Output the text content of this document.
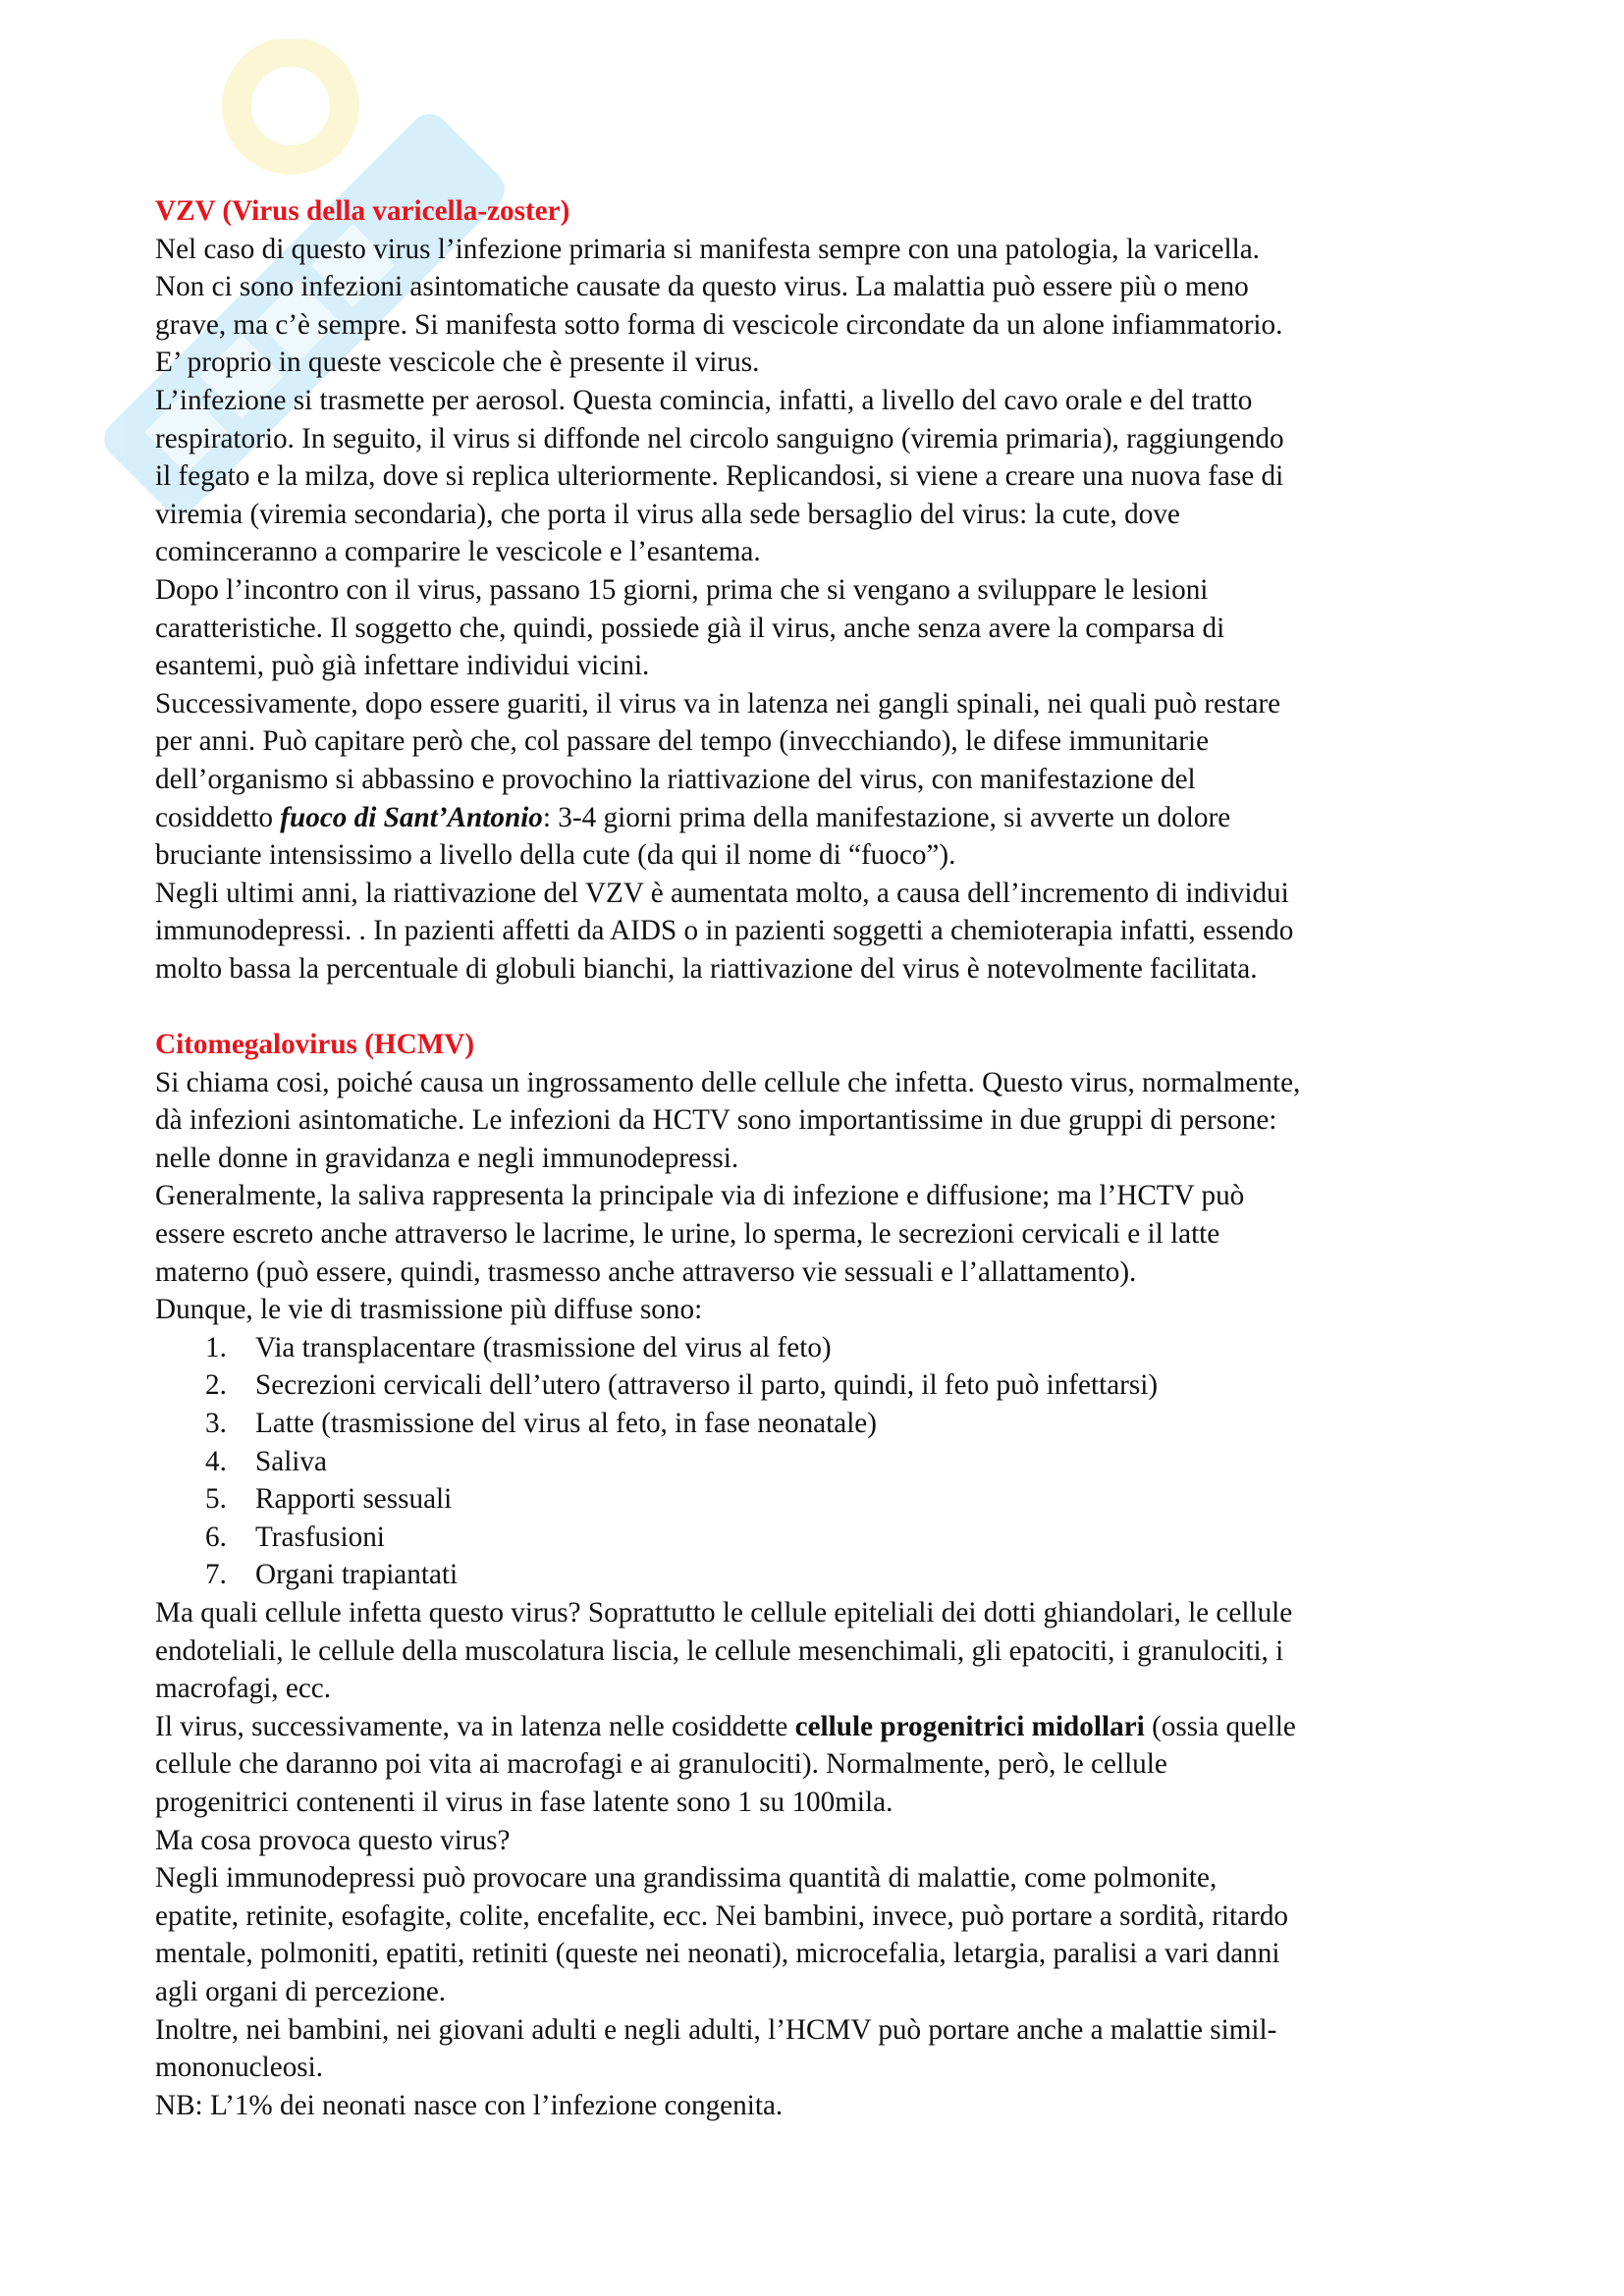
VZV (Virus della varicella-zoster)

Nel caso di questo virus l’infezione primaria si manifesta sempre con una patologia, la varicella.
Non ci sono infezioni asintomatiche causate da questo virus. La malattia può essere più o meno
grave, ma c’è sempre. Si manifesta sotto forma di vescicole circondate da un alone infiammatorio.
E’ proprio in queste vescicole che è presente il virus.

L’infezione si trasmette per aerosol. Questa comincia, infatti, a livello del cavo orale e del tratto
respiratorio. In seguito, il virus si diffonde nel circolo sanguigno (viremia primaria), raggiungendo
il fegato e la milza, dove si replica ulteriormente. Replicandosi, si viene a creare una nuova fase di
viremia (viremia secondaria), che porta il virus alla sede bersaglio del virus: la cute, dove
cominceranno a comparire le vescicole e l’esantema.

Dopo l’incontro con il virus, passano 15 giorni, prima che si vengano a sviluppare le lesioni
caratteristiche. Il soggetto che, quindi, possiede già il virus, anche senza avere la comparsa di
esantemi, può già infettare individui vicini.

Successivamente, dopo essere guariti, il virus va in latenza nei gangli spinali, nei quali può restare
per anni. Può capitare però che, col passare del tempo (invecchiando), le difese immunitarie
dell’organismo si abbassino e provochino la riattivazione del virus, con manifestazione del
cosiddetto fuoco di Sant’Antonio: 3-4 giorni prima della manifestazione, si avverte un dolore
bruciante intensissimo a livello della cute (da qui il nome di “fuoco”).

Negli ultimi anni, la riattivazione del VZV è aumentata molto, a causa dell’incremento di individui
immunodepressi. . In pazienti affetti da AIDS o in pazienti soggetti a chemioterapia infatti, essendo
molto bassa la percentuale di globuli bianchi, la riattivazione del virus è notevolmente facilitata.

Citomegalovirus (HCMV)

Si chiama cosi, poiché causa un ingrossamento delle cellule che infetta. Questo virus, normalmente,
dà infezioni asintomatiche. Le infezioni da HCTV sono importantissime in due gruppi di persone:
nelle donne in gravidanza e negli immunodepressi.

Generalmente, la saliva rappresenta la principale via di infezione e diffusione; ma l’HCTV può
essere escreto anche attraverso le lacrime, le urine, lo sperma, le secrezioni cervicali e il latte
materno (può essere, quindi, trasmesso anche attraverso vie sessuali e l’allattamento).

Dunque, le vie di trasmissione più diffuse sono:

1. Via transplacentare (trasmissione del virus al feto)
2. Secrezioni cervicali dell’utero (attraverso il parto, quindi, il feto può infettarsi)
3. Latte (trasmissione del virus al feto, in fase neonatale)
4. Saliva
5. Rapporti sessuali
6. Trasfusioni
7. Organi trapiantati

Ma quali cellule infetta questo virus? Soprattutto le cellule epiteliali dei dotti ghiandolari, le cellule
endoteliali, le cellule della muscolatura liscia, le cellule mesenchimali, gli epatociti, i granulociti, i
macrofagi, ecc.

Il virus, successivamente, va in latenza nelle cosiddette cellule progenitrici midollari (ossia quelle
cellule che daranno poi vita ai macrofagi e ai granulociti). Normalmente, però, le cellule
progenitrici contenenti il virus in fase latente sono 1 su 100mila.

Ma cosa provoca questo virus?

Negli immunodepressi può provocare una grandissima quantità di malattie, come polmonite,
epatite, retinite, esofagite, colite, encefalite, ecc. Nei bambini, invece, può portare a sordità, ritardo
mentale, polmoniti, epatiti, retiniti (queste nei neonati), microcefalia, letargia, paralisi a vari danni
agli organi di percezione.

Inoltre, nei bambini, nei giovani adulti e negli adulti, l’HCMV può portare anche a malattie simil-
mononucleosi.

NB: L’1% dei neonati nasce con l’infezione congenita.
